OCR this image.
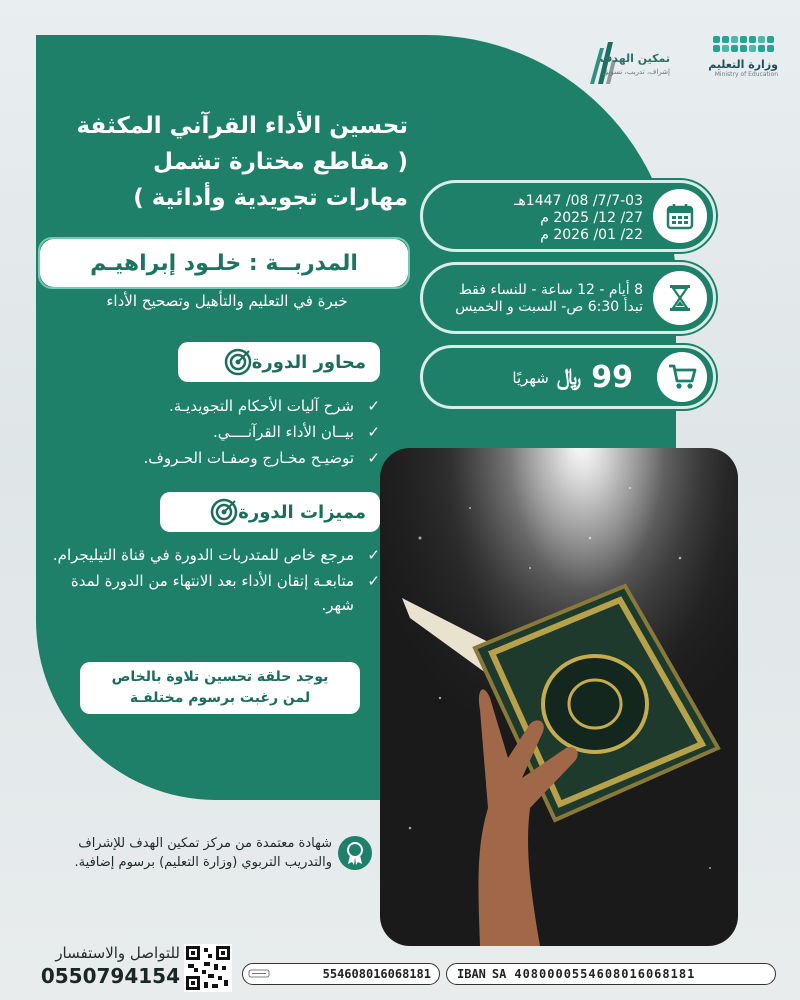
وزارة التعليم
Ministry of Education
تمكين الهدف
إشراف، تدريب، تسويق
تحسين الأداء القرآني المكثفة
( مقاطع مختارة تشمل
مهارات تجويدية وأدائية )
المدربــة : خلـود إبراهيـم
خبرة في التعليم والتأهيل وتصحيح الأداء
محاور الدورة
✓
شرح آليات الأحكام التجويديـة.
✓
بيــان الأداء القرآنــــي.
✓
توضيـح مخـارج وصفـات الحـروف.
مميزات الدورة
✓
مرجع خاص للمتدربات الدورة في قناة التيليجرام.
✓
متابعـة إتقان الأداء بعد الانتهاء من الدورة لمدة شهر.
يوجد حلقة تحسين تلاوة بالخاص
لمن رغبت برسوم مختلفـة
7/7-03/ 08/ 1447هـ
27/ 12/ 2025 م
22/ 01/ 2026 م
8 أيام - 12 ساعة - للنساء فقط
تبدأ 6:30 ص- السبت و الخميس
99
﷼
شهريًا
شهادة معتمدة من مركز تمكين الهدف للإشراف والتدريب التربوي (وزارة التعليم) برسوم إضافية.
للتواصل والاستفسار
0550794154	554608016068181 IBAN SA 4080000554608016068181
